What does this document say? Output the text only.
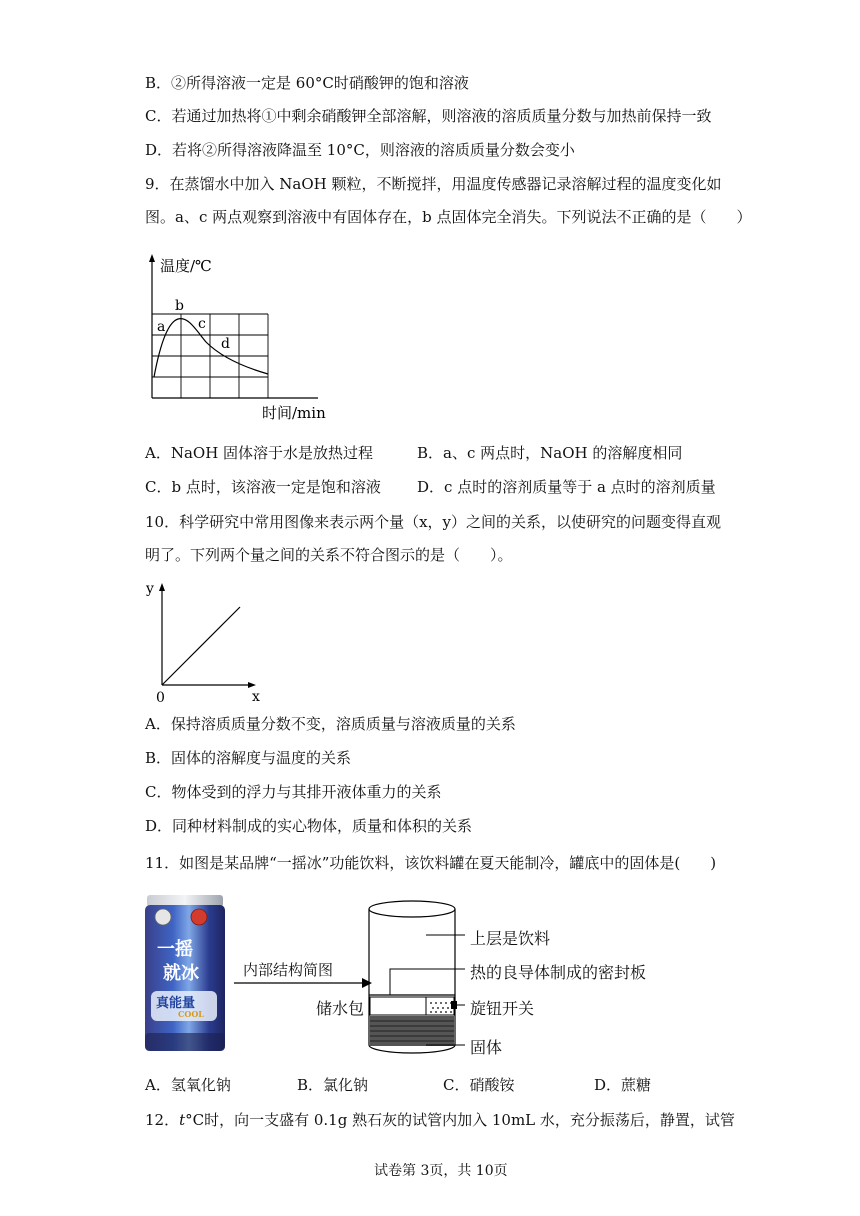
B．②所得溶液一定是 60°C时硝酸钾的饱和溶液
C．若通过加热将①中剩余硝酸钾全部溶解，则溶液的溶质质量分数与加热前保持一致
D．若将②所得溶液降温至 10°C，则溶液的溶质质量分数会变小
9．在蒸馏水中加入 NaOH 颗粒，不断搅拌，用温度传感器记录溶解过程的温度变化如
图。a、c 两点观察到溶液中有固体存在，b 点固体完全消失。下列说法不正确的是（　　）
温度/℃
时间/min
a
b
c
d
A．NaOH 固体溶于水是放热过程	B．a、c 两点时，NaOH 的溶解度相同
C．b 点时，该溶液一定是饱和溶液 D．c 点时的溶剂质量等于 a 点时的溶剂质量
10．科学研究中常用图像来表示两个量（x，y）之间的关系，以使研究的问题变得直观
明了。下列两个量之间的关系不符合图示的是（　　）。
y
x
0
A．保持溶质质量分数不变，溶质质量与溶液质量的关系
B．固体的溶解度与温度的关系
C．物体受到的浮力与其排开液体重力的关系
D．同种材料制成的实心物体，质量和体积的关系
11．如图是某品牌“一摇冰”功能饮料，该饮料罐在夏天能制冷，罐底中的固体是(　　)
一摇
就冰
真能量
COOL
内部结构简图
上层是饮料
热的良导体制成的密封板
储水包	旋钮开关
固体
A．氢氧化钠	B．氯化钠	C．硝酸铵	D．蔗糖
12．t°C时，向一支盛有 0.1g 熟石灰的试管内加入 10mL 水，充分振荡后，静置，试管
试卷第 3页，共 10页
